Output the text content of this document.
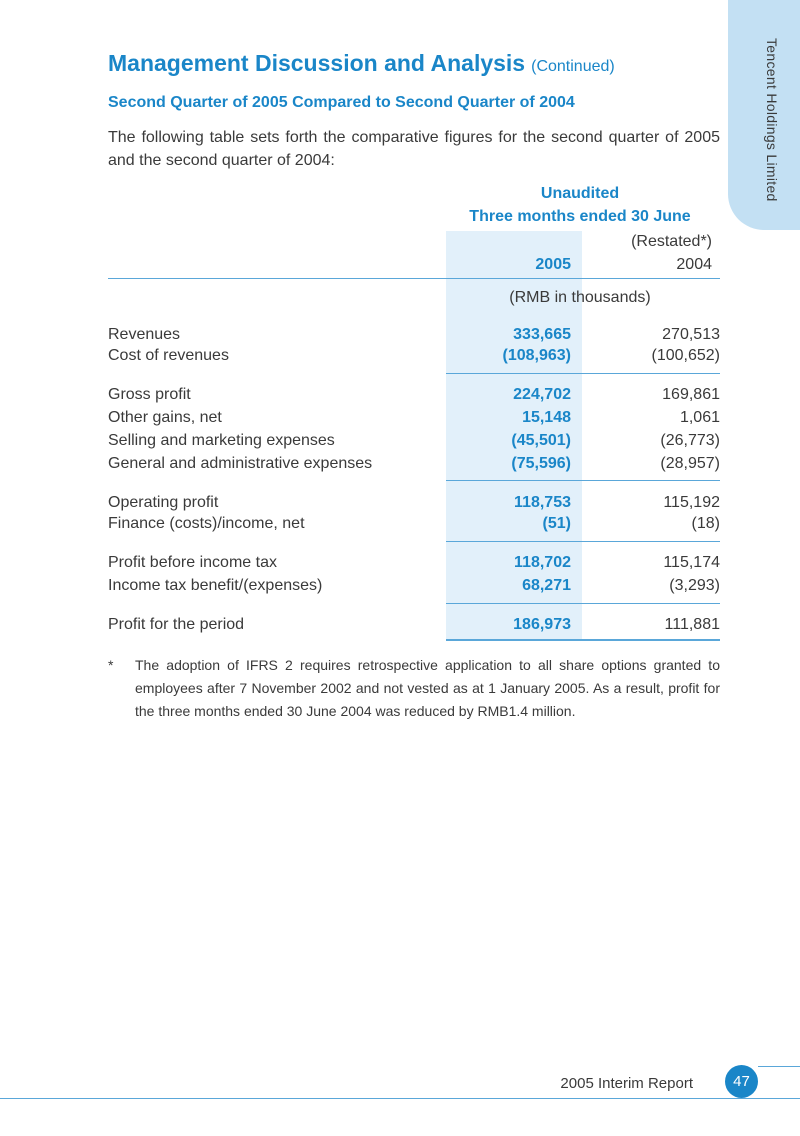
Tencent Holdings Limited
Management Discussion and Analysis (Continued)
Second Quarter of 2005 Compared to Second Quarter of 2004

The following table sets forth the comparative figures for the second quarter of 2005 and the second quarter of 2004:

Unaudited
Three months ended 30 June
(Restated*)
2005	2004
(RMB in thousands)
Revenues	333,665	270,513
Cost of revenues	(108,963)	(100,652)
Gross profit	224,702	169,861
Other gains, net	15,148	1,061
Selling and marketing expenses	(45,501)	(26,773)
General and administrative expenses	(75,596)	(28,957)
Operating profit	118,753	115,192
Finance (costs)/income, net	(51)	(18)
Profit before income tax	118,702	115,174
Income tax benefit/(expenses)	68,271	(3,293)
Profit for the period	186,973	111,881
* The adoption of IFRS 2 requires retrospective application to all share options granted to employees after 7 November 2002 and not vested as at 1 January 2005. As a result, profit for the three months ended 30 June 2004 was reduced by RMB1.4 million.
2005 Interim Report	47
